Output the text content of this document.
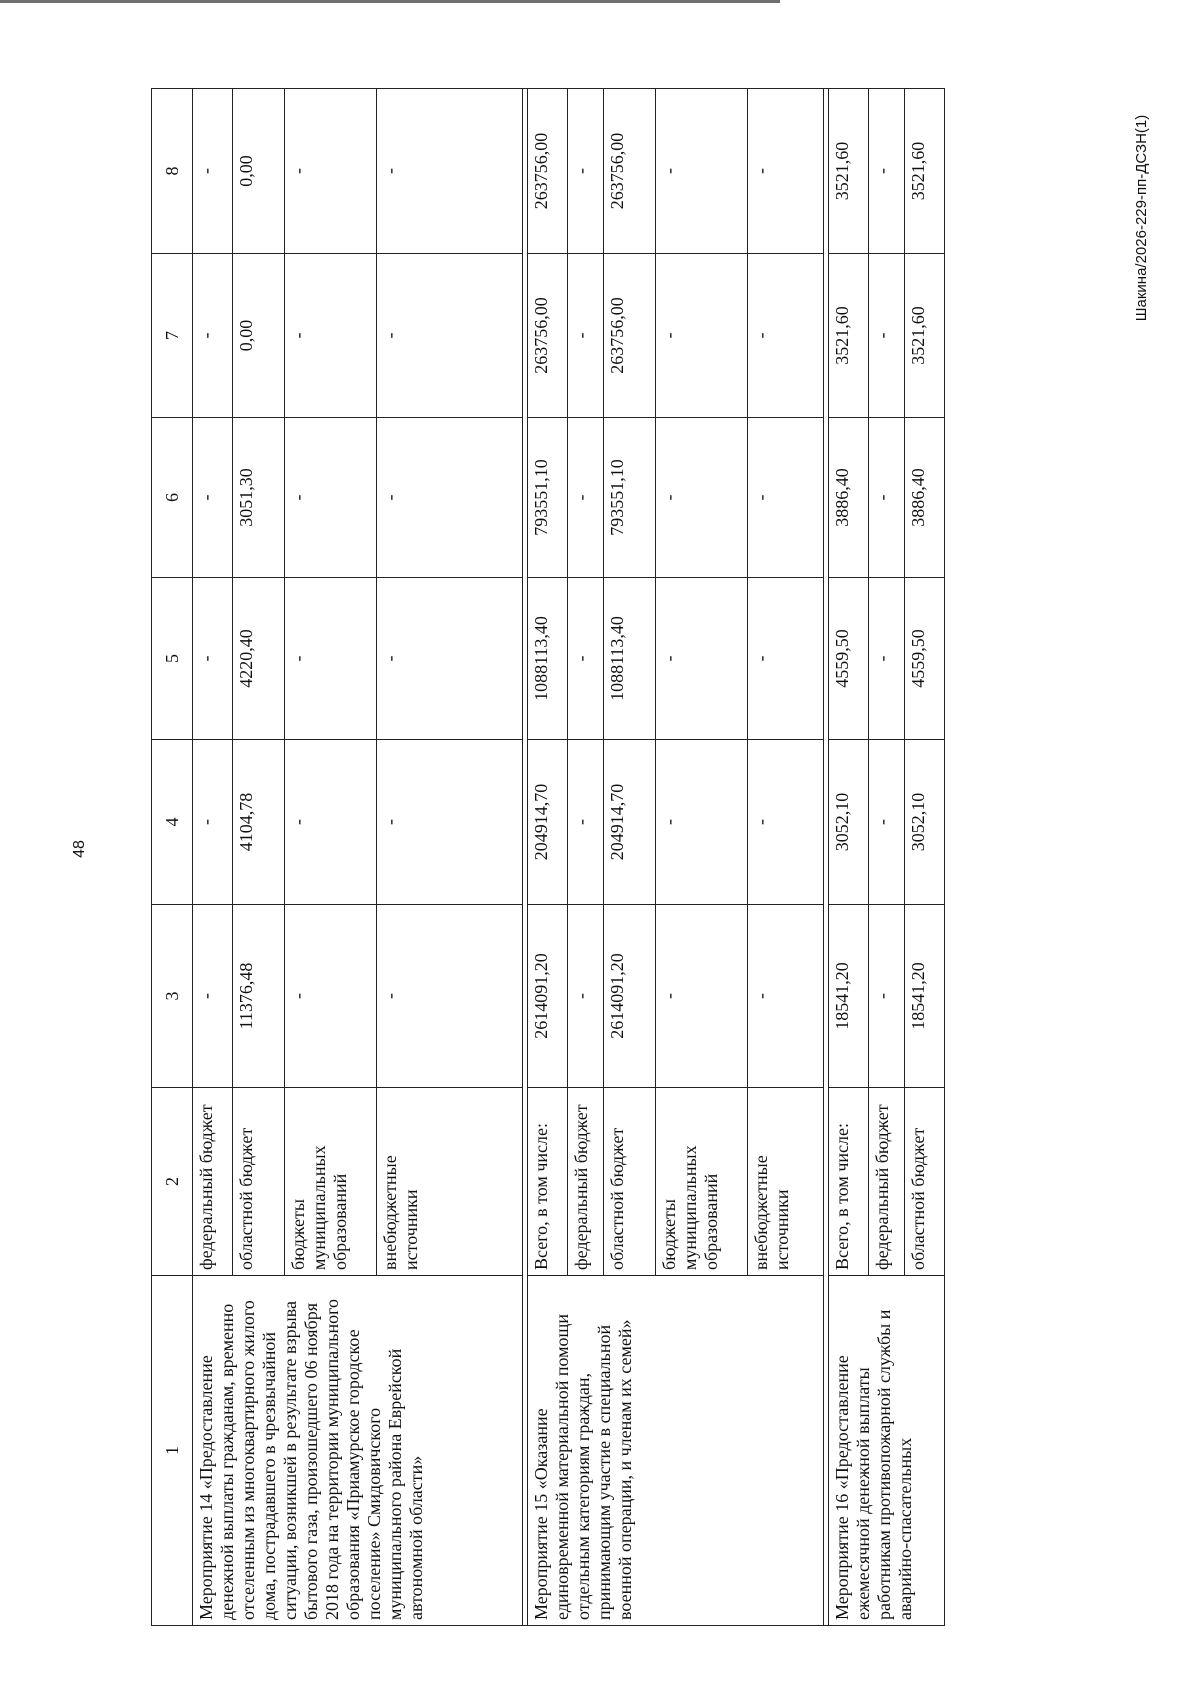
48
Шакина/2026-229-пп-ДСЗН(1)
1	2	3	4	5	6	7	8
Мероприятие 14 «Предоставление денежной выплаты гражданам, временно отселенным из многоквартирного жилого дома, пострадавшего в чрезвычайной ситуации, возникшей в результате взрыва бытового газа, произошедшего 06 ноября 2018 года на территории муниципального образования «Приамурское городское поселение» Смидовичского муниципального района Еврейской автономной области»	федеральный бюджет	-	-	-	-	-	-
	областной бюджет	11376,48	4104,78	4220,40	3051,30	0,00	0,00
	бюджеты муниципальных образований	-	-	-	-	-	-
	внебюджетные источники	-	-	-	-	-	-

Мероприятие 15 «Оказание единовременной материальной помощи отдельным категориям граждан, принимающим участие в специальной военной операции, и членам их семей»	Всего, в том числе:	2614091,20	204914,70	1088113,40	793551,10	263756,00	263756,00
	федеральный бюджет	-	-	-	-	-	-
	областной бюджет	2614091,20	204914,70	1088113,40	793551,10	263756,00	263756,00
	бюджеты муниципальных образований	-	-	-	-	-	-
	внебюджетные источники	-	-	-	-	-	-

Мероприятие 16 «Предоставление ежемесячной денежной выплаты работникам противопожарной службы и аварийно-спасательных	Всего, в том числе:	18541,20	3052,10	4559,50	3886,40	3521,60	3521,60
	федеральный бюджет	-	-	-	-	-	-
	областной бюджет	18541,20	3052,10	4559,50	3886,40	3521,60	3521,60
